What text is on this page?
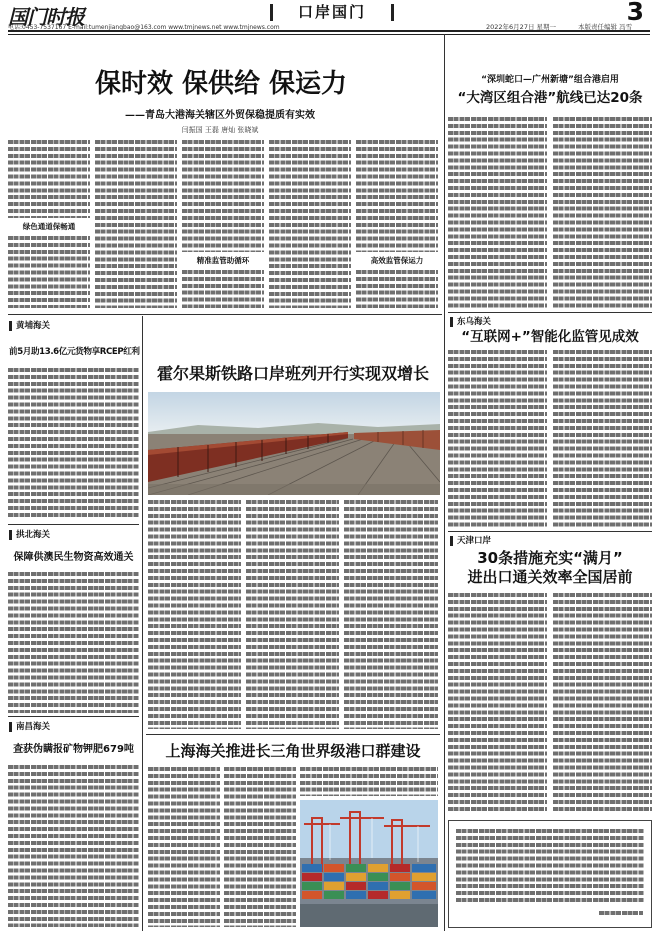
国门时报	口岸国门	3
电话:0453-7537167 E-mail:tumenjiangbao@163.com www.tmjnews.net www.tmjnews.com	2022年6月27日 星期一	本版责任编辑 冯雪
保时效 保供给 保运力
——青岛大港海关辖区外贸保稳提质有实效
闫振国 王磊 唐灿 张晓斌
绿色通道保畅通
精准监管助循环	高效监管保运力
“深圳蛇口—广州新塘”组合港启用
“大湾区组合港”航线已达20条
东乌海关
“互联网+”智能化监管见成效
天津口岸
30条措施充实“满月”
进出口通关效率全国居前
黄埔海关
前5月助13.6亿元货物享RCEP红利
拱北海关
保障供澳民生物资高效通关
南昌海关
查获伪瞒报矿物钾肥679吨
霍尔果斯铁路口岸班列开行实现双增长
上海海关推进长三角世界级港口群建设
